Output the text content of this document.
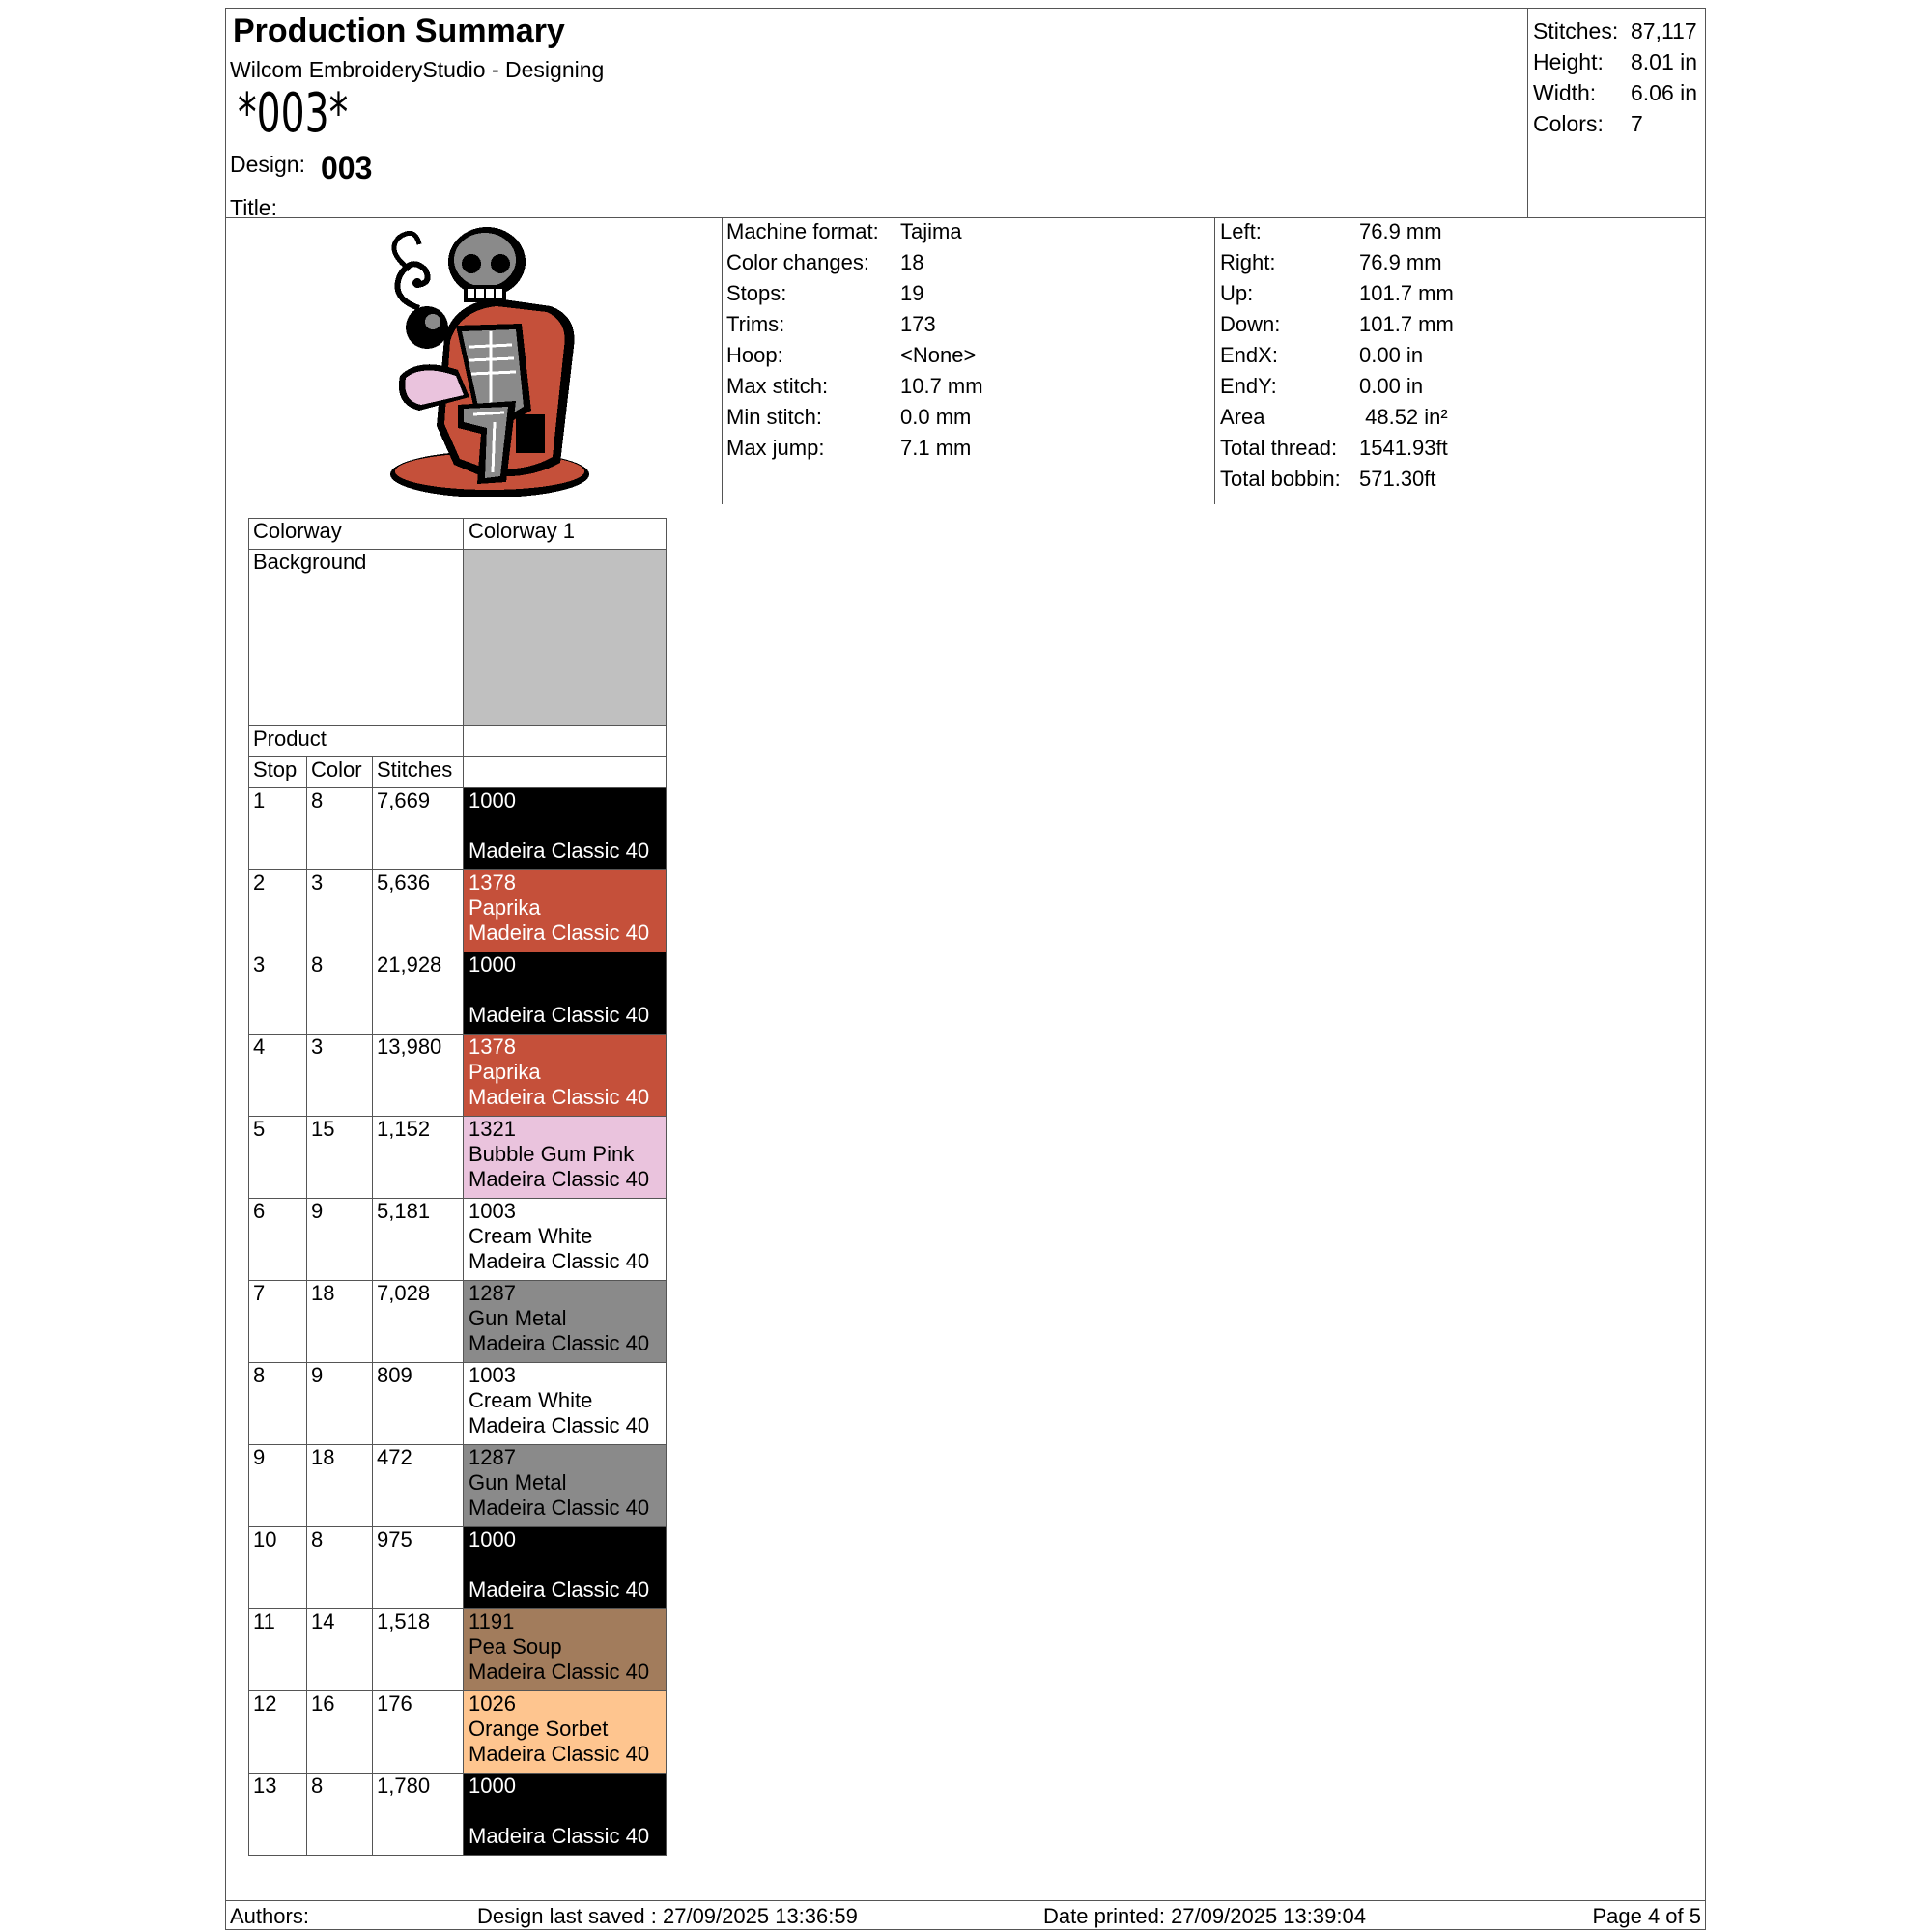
Production Summary
Wilcom EmbroideryStudio - Designing
*003*
Design: 003
Title:
Stitches: 87,117
Height: 8.01 in
Width: 6.06 in
Colors: 7
Machine format: Tajima
Color changes: 18
Stops:	19
Trims:	173
Hoop:	<None>
Max stitch:	10.7 mm
Min stitch:	0.0 mm
Max jump:	7.1 mm
Left:	76.9 mm
Right:	76.9 mm
Up:	101.7 mm
Down:	101.7 mm
EndX:	0.00 in
EndY:	0.00 in
Area	48.52 in²
Total thread: 1541.93ft
Total bobbin: 571.30ft
Colorway			Colorway 1
Background			
Product			
Stop	Color	Stitches	
1	8	7,669	1000
Madeira Classic 40

2	3	5,636	1378
Paprika
Madeira Classic 40

3	8	21,928	1000
Madeira Classic 40

4	3	13,980	1378
Paprika
Madeira Classic 40

5	15	1,152	1321
Bubble Gum Pink
Madeira Classic 40

6	9	5,181	1003
Cream White
Madeira Classic 40

7	18	7,028	1287
Gun Metal
Madeira Classic 40

8	9	809	1003
Cream White
Madeira Classic 40

9	18	472	1287
Gun Metal
Madeira Classic 40

10	8	975	1000
Madeira Classic 40

11	14	1,518	1191
Pea Soup
Madeira Classic 40

12	16	176	1026
Orange Sorbet
Madeira Classic 40

13	8	1,780	1000
Madeira Classic 40
Authors:	Design last saved : 27/09/2025 13:36:59	Date printed: 27/09/2025 13:39:04	Page 4 of 5
